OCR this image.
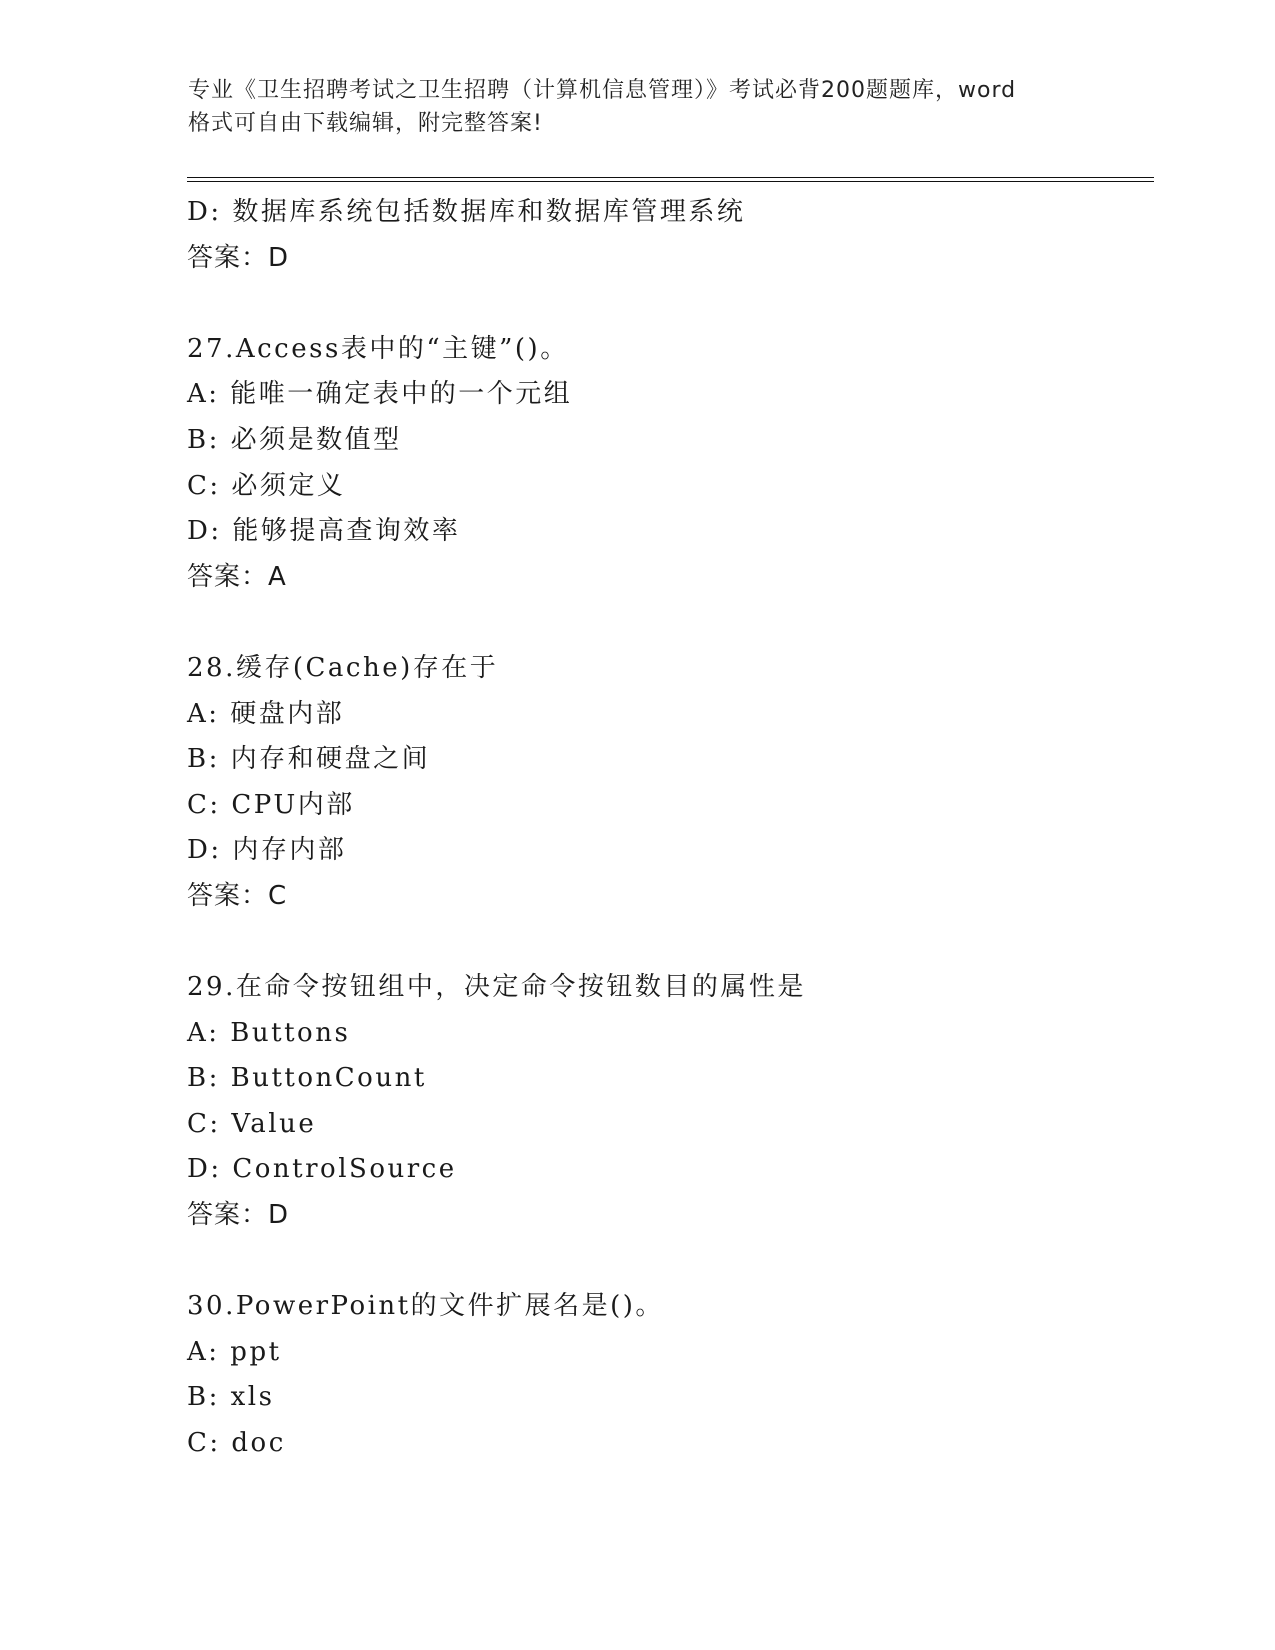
专业《卫生招聘考试之卫生招聘（计算机信息管理）》考试必背200题题库，word
格式可自由下载编辑，附完整答案!
D: 数据库系统包括数据库和数据库管理系统
答案：D
27.Access表中的“主键”()。
A: 能唯一确定表中的一个元组
B: 必须是数值型
C: 必须定义
D: 能够提高查询效率
答案：A
28.缓存(Cache)存在于
A: 硬盘内部
B: 内存和硬盘之间
C: CPU内部
D: 内存内部
答案：C
29.在命令按钮组中，决定命令按钮数目的属性是
A: Buttons
B: ButtonCount
C: Value
D: ControlSource
答案：D
30.PowerPoint的文件扩展名是()。
A: ppt
B: xls
C: doc
